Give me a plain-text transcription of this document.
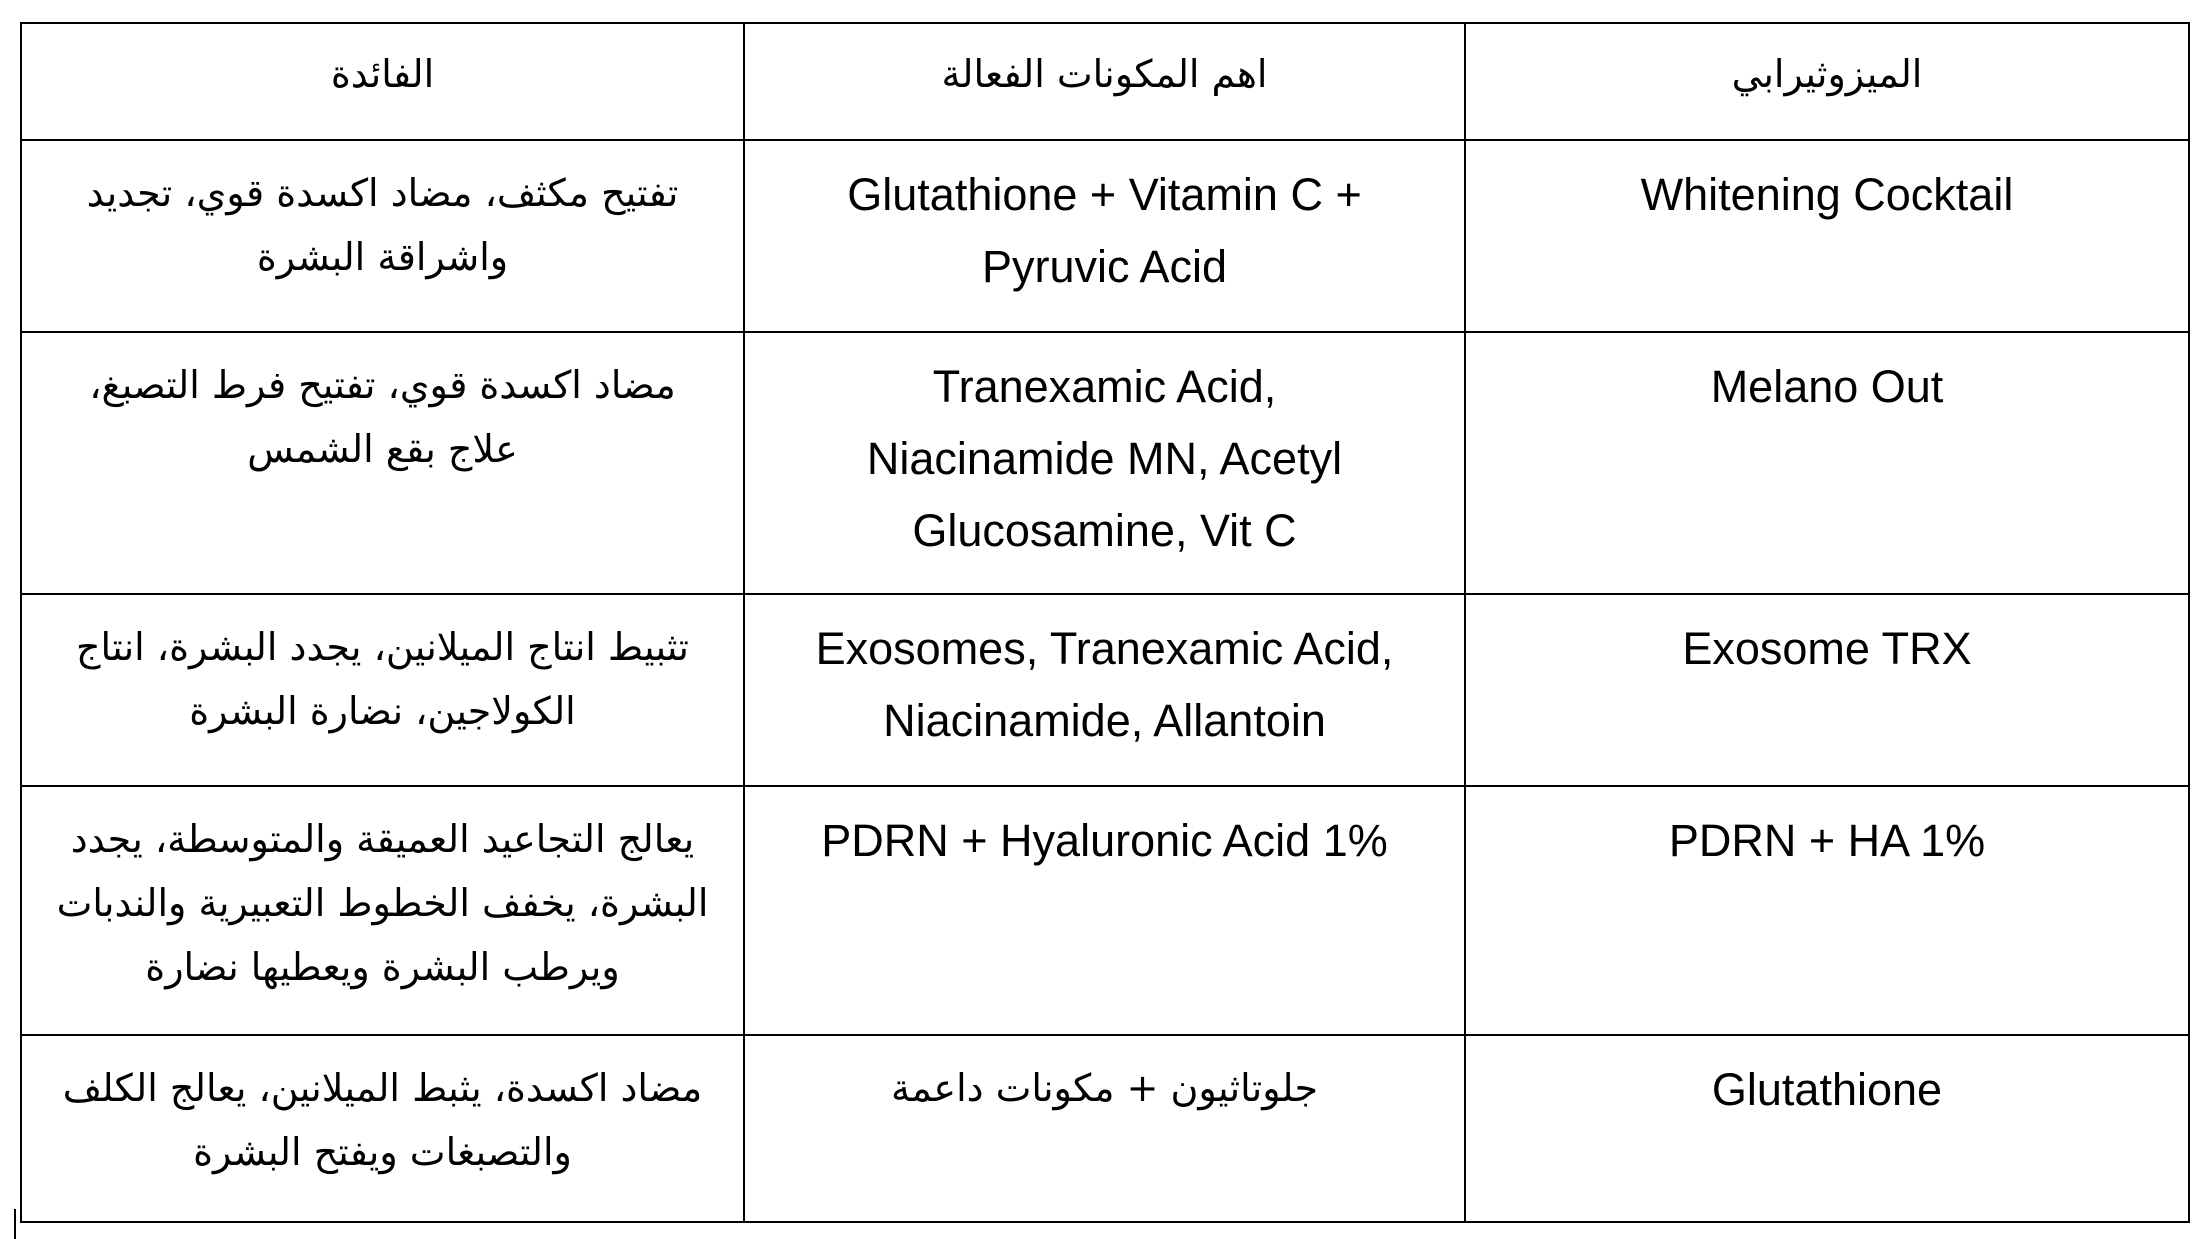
الفائدة	اهم المكونات الفعالة	الميزوثيرابي

تفتيح مكثف، مضاد اكسدة قوي، تجديد واشراقة البشرة	Glutathione + Vitamin C + Pyruvic Acid	Whitening Cocktail

مضاد اكسدة قوي، تفتيح فرط التصبغ، علاج بقع الشمس	Tranexamic Acid, Niacinamide MN, Acetyl Glucosamine, Vit C	Melano Out

تثبيط انتاج الميلانين، يجدد البشرة، انتاج الكولاجين، نضارة البشرة	Exosomes, Tranexamic Acid, Niacinamide, Allantoin	Exosome TRX

يعالج التجاعيد العميقة والمتوسطة، يجدد البشرة، يخفف الخطوط التعبيرية والندبات ويرطب البشرة ويعطيها نضارة	PDRN + Hyaluronic Acid 1%	PDRN + HA 1%

مضاد اكسدة، يثبط الميلانين، يعالج الكلف والتصبغات ويفتح البشرة	جلوتاثيون + مكونات داعمة	Glutathione
